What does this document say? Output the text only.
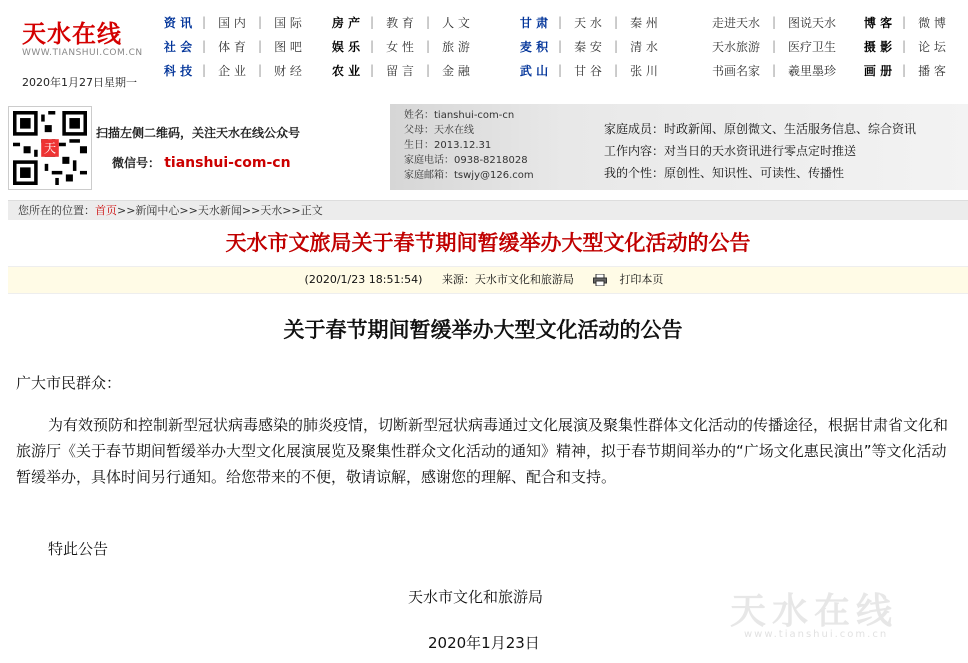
天水在线
WWW.TIANSHUI.COM.CN
2020年1月27日星期一
资 讯 |	国 内	|	国 际
社 会 |	体 育	|	图 吧
科 技 |	企 业	|	财 经
房 产 |	教 育	|	人 文
娱 乐 |	女 性	|	旅 游
农 业 |	留 言	|	金 融
甘 肃 |	天 水	|	秦 州
麦 积 |	秦 安	|	清 水
武 山 |	甘 谷	|	张 川
走进天水 | 图说天水
天水旅游 | 医疗卫生
书画名家 | 羲里墨珍
博 客 |	微 博
摄 影 |	论 坛
画 册 |	播 客
天
扫描左侧二维码，关注天水在线公众号
微信号： tianshui-com-cn
姓名：tianshui-com-cn
父母：天水在线
生日：2013.12.31
家庭电话：0938-8218028
家庭邮箱：tswjy@126.com
家庭成员：时政新闻、原创微文、生活服务信息、综合资讯
工作内容：对当日的天水资讯进行零点定时推送
我的个性：原创性、知识性、可读性、传播性
您所在的位置：首页>>新闻中心>>天水新闻>>天水>>正文
天水市文旅局关于春节期间暂缓举办大型文化活动的公告
(2020/1/23 18:51:54) 来源：天水市文化和旅游局	打印本页
关于春节期间暂缓举办大型文化活动的公告
广大市民群众：
为有效预防和控制新型冠状病毒感染的肺炎疫情，切断新型冠状病毒通过文化展演及聚集性群体文化活动的传播途径，根据甘肃省文化和旅游厅《关于春节期间暂缓举办大型文化展演展览及聚集性群众文化活动的通知》精神，拟于春节期间举办的“广场文化惠民演出”等文化活动暂缓举办，具体时间另行通知。给您带来的不便，敬请谅解，感谢您的理解、配合和支持。
特此公告
天水市文化和旅游局
2020年1月23日
天水在线
www.tianshui.com.cn
